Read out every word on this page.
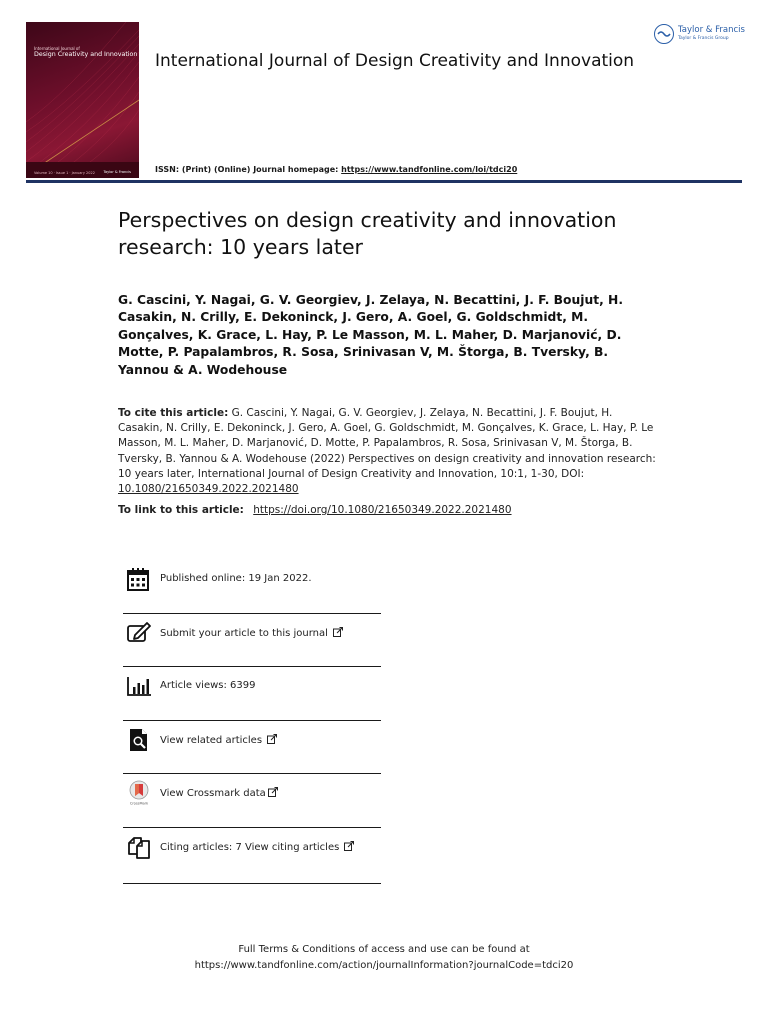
International Journal of
Design Creativity and Innovation
Volume 10 · Issue 1 · January 2022 Taylor & Francis
International Journal of Design Creativity and Innovation
Taylor & Francis
Taylor & Francis Group
ISSN: (Print) (Online) Journal homepage: https://www.tandfonline.com/loi/tdci20
Perspectives on design creativity and innovation research: 10 years later
G. Cascini, Y. Nagai, G. V. Georgiev, J. Zelaya, N. Becattini, J. F. Boujut, H. Casakin, N. Crilly, E. Dekoninck, J. Gero, A. Goel, G. Goldschmidt, M. Gonçalves, K. Grace, L. Hay, P. Le Masson, M. L. Maher, D. Marjanović, D. Motte, P. Papalambros, R. Sosa, Srinivasan V, M. Štorga, B. Tversky, B. Yannou & A. Wodehouse
To cite this article: G. Cascini, Y. Nagai, G. V. Georgiev, J. Zelaya, N. Becattini, J. F. Boujut, H. Casakin, N. Crilly, E. Dekoninck, J. Gero, A. Goel, G. Goldschmidt, M. Gonçalves, K. Grace, L. Hay, P. Le Masson, M. L. Maher, D. Marjanović, D. Motte, P. Papalambros, R. Sosa, Srinivasan V, M. Štorga, B. Tversky, B. Yannou & A. Wodehouse (2022) Perspectives on design creativity and innovation research: 10 years later, International Journal of Design Creativity and Innovation, 10:1, 1-30, DOI: 10.1080/21650349.2022.2021480
To link to this article: https://doi.org/10.1080/21650349.2022.2021480
Published online: 19 Jan 2022.
Submit your article to this journal
Article views: 6399
View related articles
CrossMark
View Crossmark data
Citing articles: 7 View citing articles
Full Terms & Conditions of access and use can be found at
https://www.tandfonline.com/action/journalInformation?journalCode=tdci20
